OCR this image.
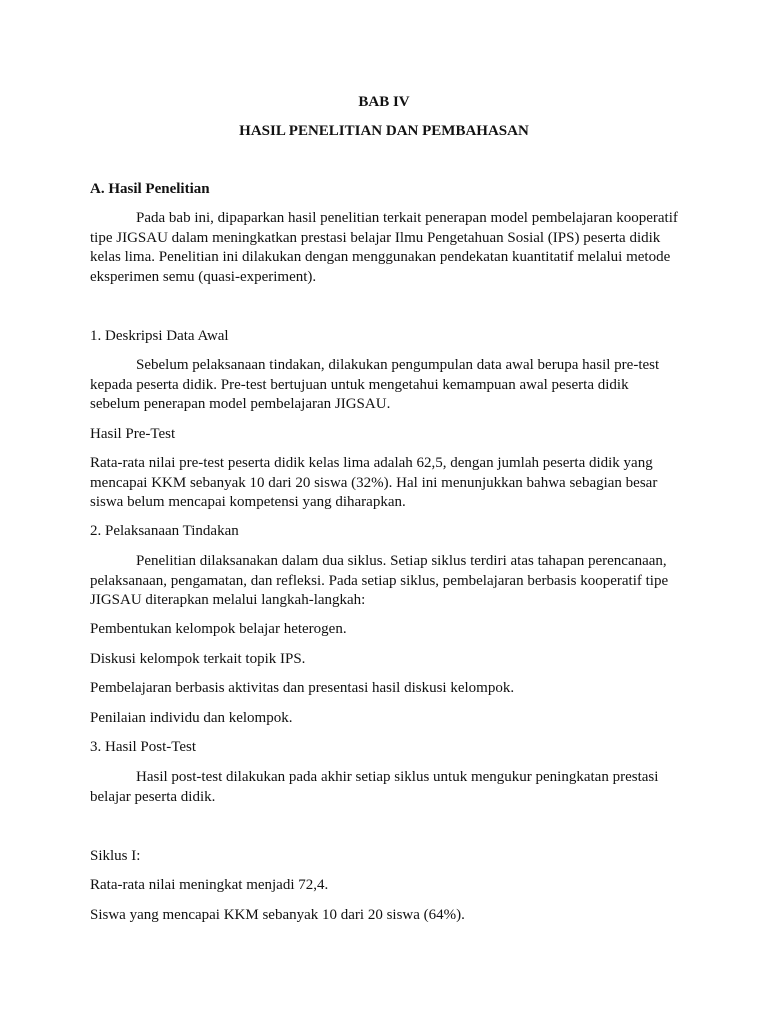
BAB IV

HASIL PENELITIAN DAN PEMBAHASAN

A. Hasil Penelitian

Pada bab ini, dipaparkan hasil penelitian terkait penerapan model pembelajaran kooperatif tipe JIGSAU dalam meningkatkan prestasi belajar Ilmu Pengetahuan Sosial (IPS) peserta didik kelas lima. Penelitian ini dilakukan dengan menggunakan pendekatan kuantitatif melalui metode eksperimen semu (quasi-experiment).

1. Deskripsi Data Awal

Sebelum pelaksanaan tindakan, dilakukan pengumpulan data awal berupa hasil pre-test kepada peserta didik. Pre-test bertujuan untuk mengetahui kemampuan awal peserta didik sebelum penerapan model pembelajaran JIGSAU.

Hasil Pre-Test

Rata-rata nilai pre-test peserta didik kelas lima adalah 62,5, dengan jumlah peserta didik yang mencapai KKM sebanyak 10 dari 20 siswa (32%). Hal ini menunjukkan bahwa sebagian besar siswa belum mencapai kompetensi yang diharapkan.

2. Pelaksanaan Tindakan

Penelitian dilaksanakan dalam dua siklus. Setiap siklus terdiri atas tahapan perencanaan, pelaksanaan, pengamatan, dan refleksi. Pada setiap siklus, pembelajaran berbasis kooperatif tipe JIGSAU diterapkan melalui langkah-langkah:

Pembentukan kelompok belajar heterogen.

Diskusi kelompok terkait topik IPS.

Pembelajaran berbasis aktivitas dan presentasi hasil diskusi kelompok.

Penilaian individu dan kelompok.

3. Hasil Post-Test

Hasil post-test dilakukan pada akhir setiap siklus untuk mengukur peningkatan prestasi belajar peserta didik.

Siklus I:

Rata-rata nilai meningkat menjadi 72,4.

Siswa yang mencapai KKM sebanyak 10 dari 20 siswa (64%).
